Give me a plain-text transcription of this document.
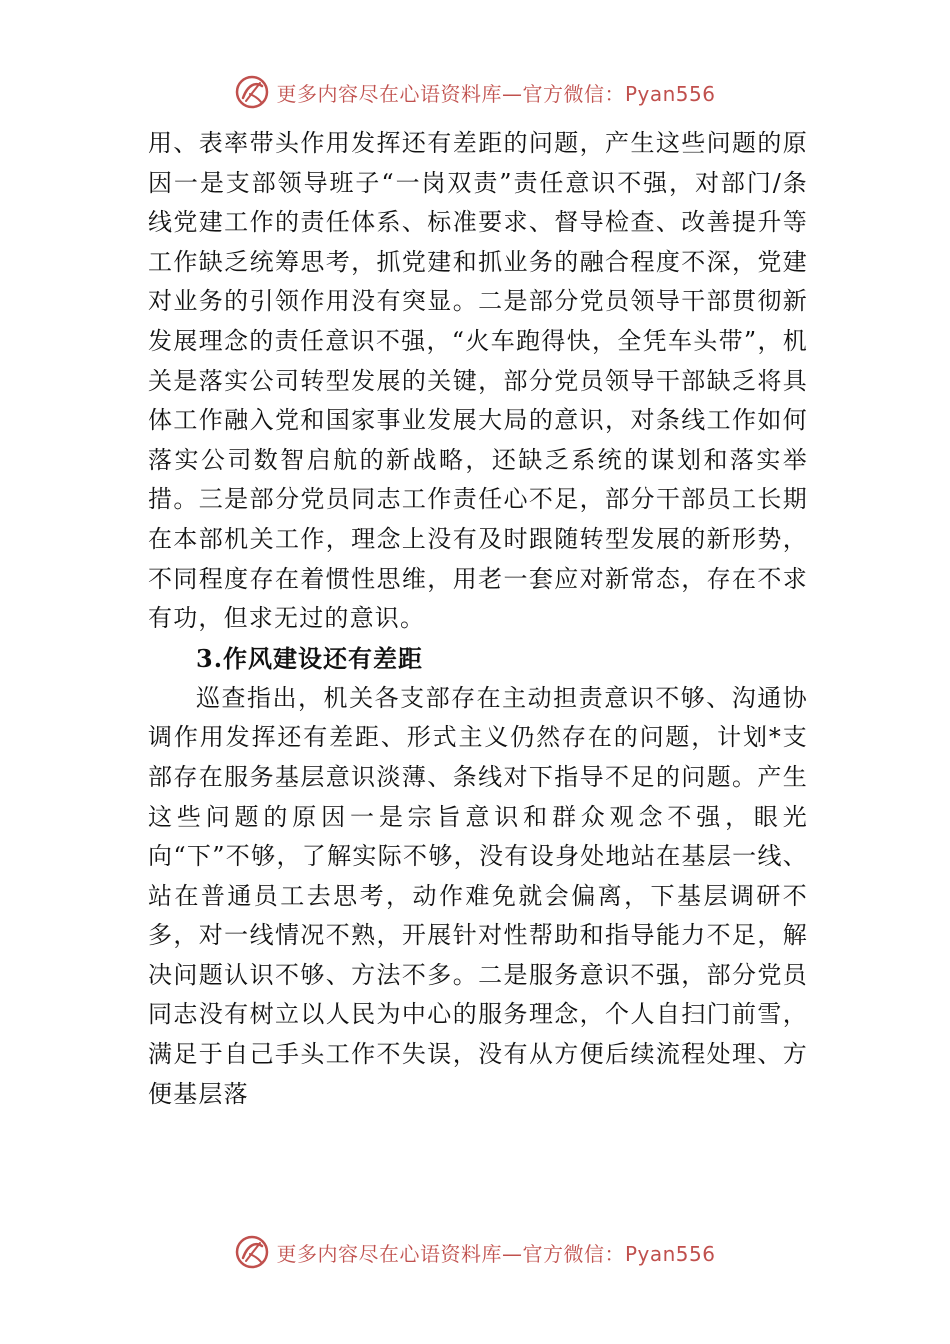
更多内容尽在心语资料库—官方微信：Pyan556

用、表率带头作用发挥还有差距的问题，产生这些问题的原因一是支部领导班子“一岗双责”责任意识不强，对部门/条线党建工作的责任体系、标准要求、督导检查、改善提升等工作缺乏统筹思考，抓党建和抓业务的融合程度不深，党建对业务的引领作用没有突显。二是部分党员领导干部贯彻新发展理念的责任意识不强，“火车跑得快，全凭车头带”，机关是落实公司转型发展的关键，部分党员领导干部缺乏将具体工作融入党和国家事业发展大局的意识，对条线工作如何落实公司数智启航的新战略，还缺乏系统的谋划和落实举措。三是部分党员同志工作责任心不足，部分干部员工长期在本部机关工作，理念上没有及时跟随转型发展的新形势， 不同程度存在着惯性思维，用老一套应对新常态，存在不求有功，但求无过的意识。

3.作风建设还有差距

巡查指出，机关各支部存在主动担责意识不够、沟通协调作用发挥还有差距、形式主义仍然存在的问题，计划*支部存在服务基层意识淡薄、条线对下指导不足的问题。产生这些问题的原因一是宗旨意识和群众观念不强，眼光向“下”不够，了解实际不够，没有设身处地站在基层一线、站在普通员工去思考，动作难免就会偏离，下基层调研不多，对一线情况不熟，开展针对性帮助和指导能力不足，解决问题认识不够、方法不多。二是服务意识不强，部分党员同志没有树立以人民为中心的服务理念，个人自扫门前雪，满足于自己手头工作不失误，没有从方便后续流程处理、方便基层落

更多内容尽在心语资料库—官方微信：Pyan556
